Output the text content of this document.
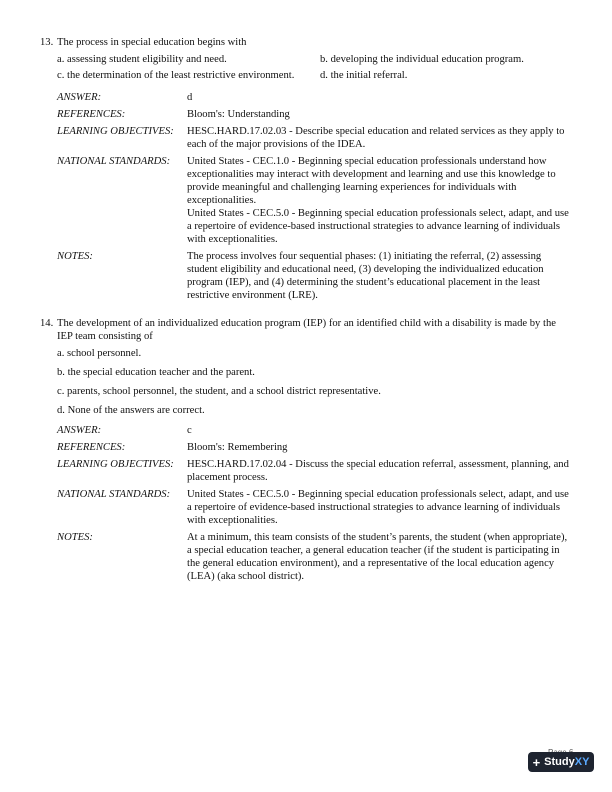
13. The process in special education begins with
a. assessing student eligibility and need.	b. developing the individual education program.
c. the determination of the least restrictive environment.	d. the initial referral.
ANSWER:	d
REFERENCES:	Bloom's: Understanding
LEARNING OBJECTIVES:	HESC.HARD.17.02.03 - Describe special education and related services as they apply to each of the major provisions of the IDEA.
NATIONAL STANDARDS:	United States - CEC.1.0 - Beginning special education professionals understand how exceptionalities may interact with development and learning and use this knowledge to provide meaningful and challenging learning experiences for individuals with exceptionalities.

United States - CEC.5.0 - Beginning special education professionals select, adapt, and use a repertoire of evidence-based instructional strategies to advance learning of individuals with exceptionalities.

NOTES:	The process involves four sequential phases: (1) initiating the referral, (2) assessing student eligibility and educational need, (3) developing the individualized education program (IEP), and (4) determining the student’s educational placement in the least restrictive environment (LRE).
14. The development of an individualized education program (IEP) for an identified child with a disability is made by the IEP team consisting of
a. school personnel.
b. the special education teacher and the parent.
c. parents, school personnel, the student, and a school district representative.
d. None of the answers are correct.
ANSWER:	c
REFERENCES:	Bloom's: Remembering
LEARNING OBJECTIVES:	HESC.HARD.17.02.04 - Discuss the special education referral, assessment, planning, and placement process.
NATIONAL STANDARDS:	United States - CEC.5.0 - Beginning special education professionals select, adapt, and use a repertoire of evidence-based instructional strategies to advance learning of individuals with exceptionalities.

NOTES:	At a minimum, this team consists of the student’s parents, the student (when appropriate), a special education teacher, a general education teacher (if the student is participating in the general education environment), and a representative of the local education agency (LEA) (aka school district).
+ StudyXY
